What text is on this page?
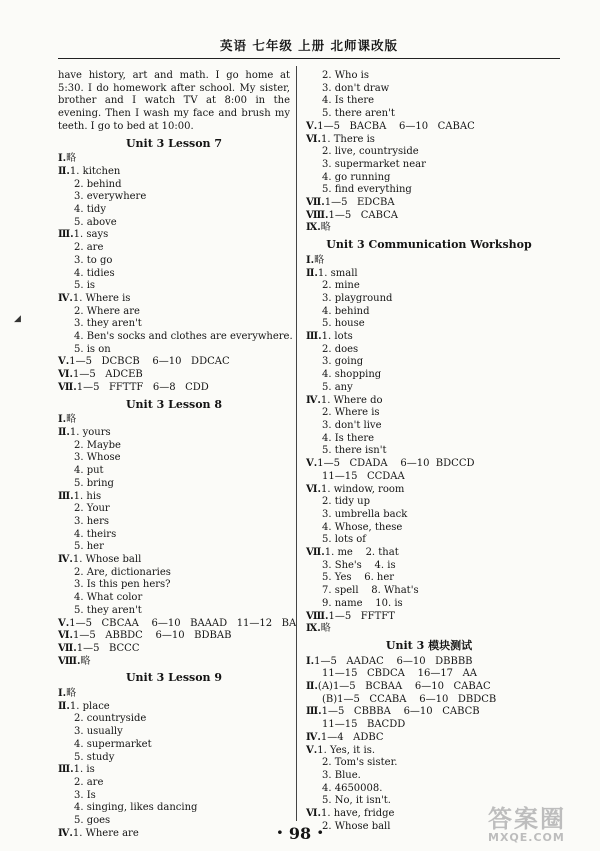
英语 七年级 上册 北师课改版
◢
have history, art and math. I go home at 5:30. I do homework after school. My sister, brother and I watch TV at 8:00 in the evening. Then I wash my face and brush my teeth. I go to bed at 10:00.
Unit 3 Lesson 7
Ⅰ.略
Ⅱ.1. kitchen
2. behind
3. everywhere
4. tidy
5. above
Ⅲ.1. says
2. are
3. to go
4. tidies
5. is
Ⅳ.1. Where is
2. Where are
3. they aren't
4. Ben's socks and clothes are everywhere.
5. is on
Ⅴ.1—5   DCBCB    6—10   DDCAC
Ⅵ.1—5   ADCEB
Ⅶ.1—5   FFTTF   6—8   CDD
Unit 3 Lesson 8
Ⅰ.略
Ⅱ.1. yours
2. Maybe
3. Whose
4. put
5. bring
Ⅲ.1. his
2. Your
3. hers
4. theirs
5. her
Ⅳ.1. Whose ball
2. Are, dictionaries
3. Is this pen hers?
4. What color
5. they aren't
Ⅴ.1—5   CBCAA    6—10   BAAAD   11—12   BA
Ⅵ.1—5   ABBDC    6—10   BDBAB
Ⅶ.1—5   BCCC
Ⅷ.略
Unit 3 Lesson 9
Ⅰ.略
Ⅱ.1. place
2. countryside
3. usually
4. supermarket
5. study
Ⅲ.1. is
2. are
3. Is
4. singing, likes dancing
5. goes
Ⅳ.1. Where are
2. Who is
3. don't draw
4. Is there
5. there aren't
Ⅴ.1—5   BACBA    6—10   CABAC
Ⅵ.1. There is
2. live, countryside
3. supermarket near
4. go running
5. find everything
Ⅶ.1—5   EDCBA
Ⅷ.1—5   CABCA
Ⅸ.略
Unit 3 Communication Workshop
Ⅰ.略
Ⅱ.1. small
2. mine
3. playground
4. behind
5. house
Ⅲ.1. lots
2. does
3. going
4. shopping
5. any
Ⅳ.1. Where do
2. Where is
3. don't live
4. Is there
5. there isn't
Ⅴ.1—5   CDADA    6—10  BDCCD
11—15   CCDAA
Ⅵ.1. window, room
2. tidy up
3. umbrella back
4. Whose, these
5. lots of
Ⅶ.1. me    2. that
3. She's    4. is
5. Yes    6. her
7. spell    8. What's
9. name    10. is
Ⅷ.1—5   FFTFT
Ⅸ.略
Unit 3 模块测试
Ⅰ.1—5   AADAC    6—10   DBBBB
11—15   CBDCA    16—17   AA
Ⅱ.(A)1—5   BCBAA    6—10   CABAC
(B)1—5   CCABA    6—10   DBDCB
Ⅲ.1—5   CBBBA    6—10   CABCB
11—15   BACDD
Ⅳ.1—4   ADBC
Ⅴ.1. Yes, it is.
2. Tom's sister.
3. Blue.
4. 4650008.
5. No, it isn't.
Ⅵ.1. have, fridge
2. Whose ball
· 98 ·	答案圈
MXQE.COM
